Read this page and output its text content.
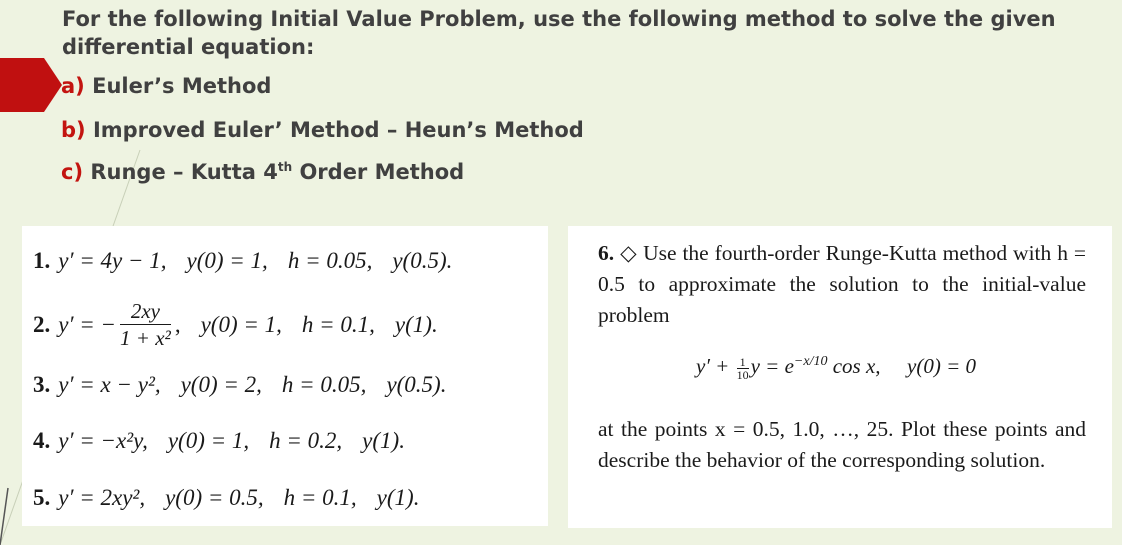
For the following Initial Value Problem, use the following method to solve the given
differential equation:
a) Euler’s Method
b) Improved Euler’ Method – Heun’s Method
c) Runge – Kutta 4th Order Method
1. y′ = 4y − 1, y(0) = 1, h = 0.05, y(0.5).
2. y′ = − $\frac{2xy}{\text{1 + x²}}$ , y(0) = 1, h = 0.1, y(1).
3. y′ = x − y², y(0) = 2, h = 0.05, y(0.5).
4. y′ = −x²y, y(0) = 1, h = 0.2, y(1).
5. y′ = 2xy², y(0) = 0.5, h = 0.1, y(1).
6. ◇ Use the fourth-order Runge-Kutta method with h = 0.5 to approximate the solution to the initial-value problem
$y' + \frac{1}{10}$ $y = e^{-x/10}$ cos x, y(0) = 0
at the points x = 0.5, 1.0, …, 25. Plot these points and describe the behavior of the corresponding solution.
